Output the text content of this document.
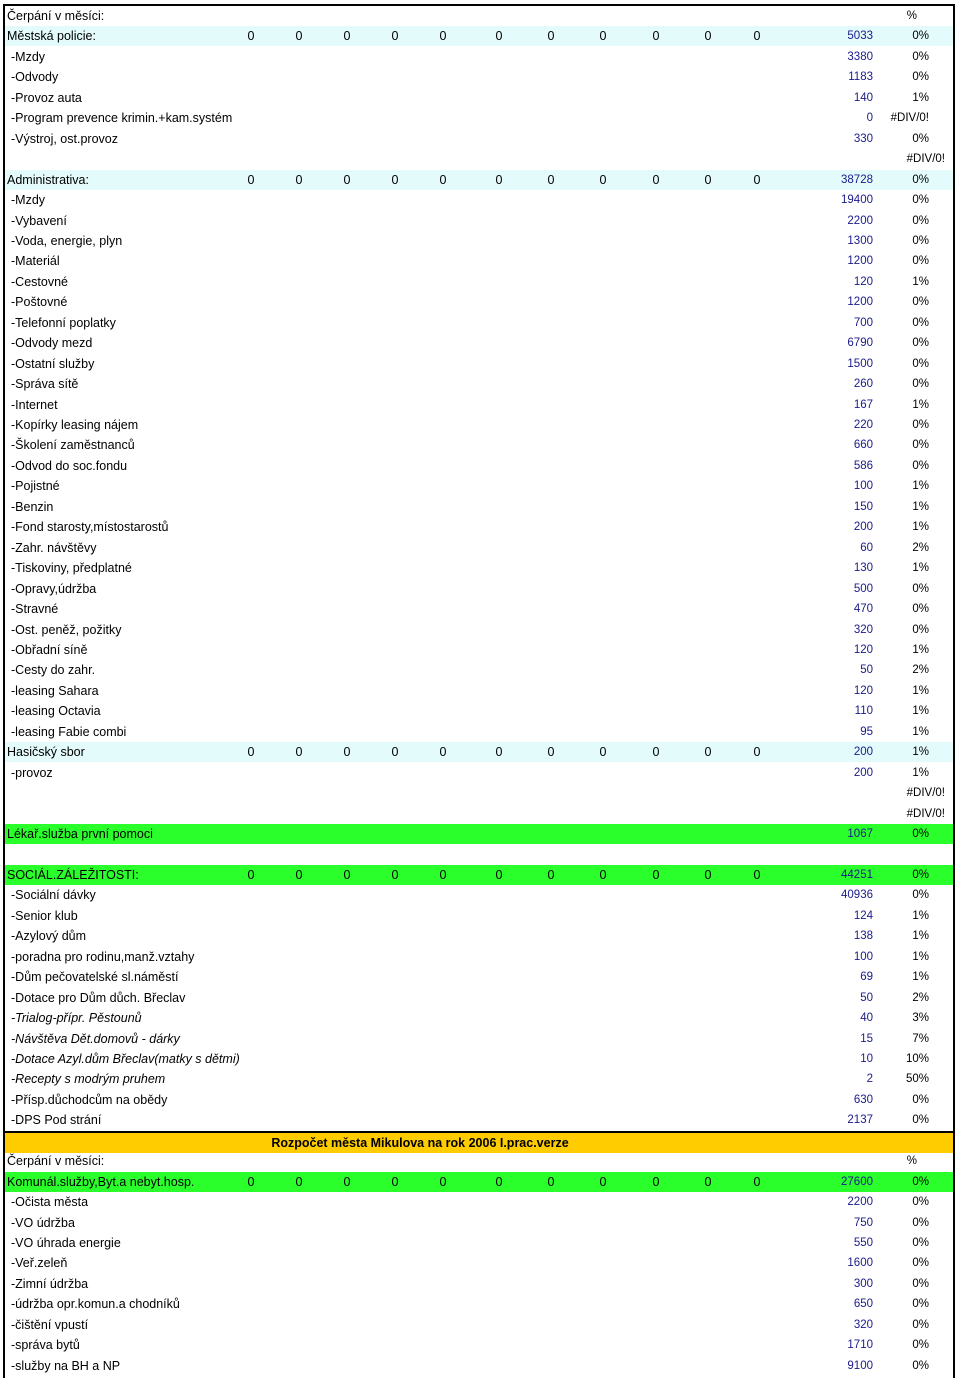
Čerpání v měsíci:	%
Městská policie:	0	0	0	0	0	0	0	0	0	0	0	5033	0%
-Mzdy	3380	0%
-Odvody	1183	0%
-Provoz auta	140	1%
-Program prevence krimin.+kam.systém	0 #DIV/0!
-Výstroj, ost.provoz	330	0%
#DIV/0!
Administrativa:	0	0	0	0	0	0	0	0	0	0	0	38728	0%
-Mzdy	19400	0%
-Vybavení	2200	0%
-Voda, energie, plyn	1300	0%
-Materiál	1200	0%
-Cestovné	120	1%
-Poštovné	1200	0%
-Telefonní poplatky	700	0%
-Odvody mezd	6790	0%
-Ostatní služby	1500	0%
-Správa sítě	260	0%
-Internet	167	1%
-Kopírky leasing nájem	220	0%
-Školení zaměstnanců	660	0%
-Odvod do soc.fondu	586	0%
-Pojistné	100	1%
-Benzin	150	1%
-Fond starosty,místostarostů	200	1%
-Zahr. návštěvy	60	2%
-Tiskoviny, předplatné	130	1%
-Opravy,údržba	500	0%
-Stravné	470	0%
-Ost. peněž, požitky	320	0%
-Obřadní síně	120	1%
-Cesty do zahr.	50	2%
-leasing Sahara	120	1%
-leasing Octavia	110	1%
-leasing Fabie combi	95	1%
Hasičský sbor	0	0	0	0	0	0	0	0	0	0	0	200	1%
-provoz	200	1%
#DIV/0!
#DIV/0!
Lékař.služba první pomoci	1067	0%
SOCIÁL.ZÁLEŽITOSTI:	0	0	0	0	0	0	0	0	0	0	0	44251	0%
-Sociální dávky	40936	0%
-Senior klub	124	1%
-Azylový dům	138	1%
-poradna pro rodinu,manž.vztahy	100	1%
-Dům pečovatelské sl.náměstí	69	1%
-Dotace pro Dům důch. Břeclav	50	2%
-Trialog-přípr. Pěstounů	40	3%
-Návštěva Dět.domovů - dárky	15	7%
-Dotace Azyl.dům Břeclav(matky s dětmi)	10	10%
-Recepty s modrým pruhem	2	50%
-Přísp.důchodcům na obědy	630	0%
-DPS Pod strání	2137	0%
Rozpočet města Mikulova na rok 2006 I.prac.verze
Čerpání v měsíci:	%
Komunál.služby,Byt.a nebyt.hosp.	0	0	0	0	0	0	0	0	0	0	0	27600	0%
-Očista města	2200	0%
-VO údržba	750	0%
-VO úhrada energie	550	0%
-Veř.zeleň	1600	0%
-Zimní údržba	300	0%
-údržba opr.komun.a chodníků	650	0%
-čištění vpustí	320	0%
-správa bytů	1710	0%
-služby na BH a NP	9100	0%
